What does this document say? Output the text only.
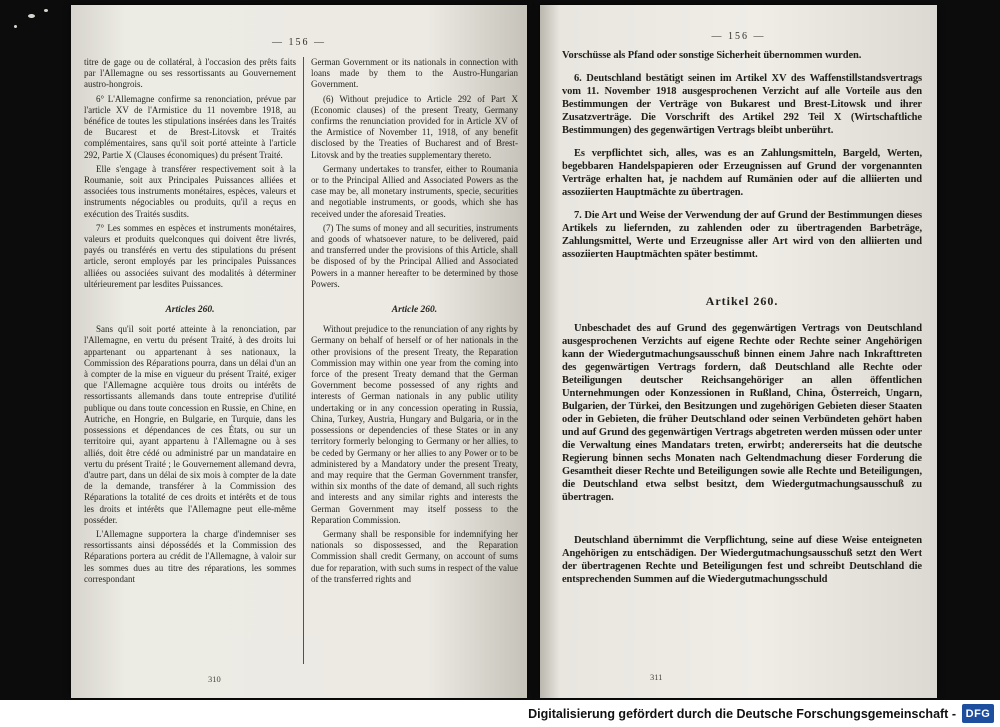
— 156 —

titre de gage ou de collatéral, à l'occasion des prêts faits par l'Allemagne ou ses ressortissants au Gouvernement austro-hongrois.

6° L'Allemagne confirme sa renonciation, prévue par l'article XV de l'Armistice du 11 novembre 1918, au bénéfice de toutes les stipulations insérées dans les Traités de Bucarest et de Brest-Litovsk et Traités complémentaires, sans qu'il soit porté atteinte à l'article 292, Partie X (Clauses économiques) du présent Traité.

Elle s'engage à transférer respectivement soit à la Roumanie, soit aux Principales Puissances alliées et associées tous instruments monétaires, espèces, valeurs et instruments négociables ou produits, qu'il a reçus en exécution des Traités susdits.

7° Les sommes en espèces et instruments monétaires, valeurs et produits quelconques qui doivent être livrés, payés ou transférés en vertu des stipulations du présent article, seront employés par les principales Puissances alliées ou associées suivant des modalités à déterminer ultérieurement par lesdites Puissances.

Articles 260.

Sans qu'il soit porté atteinte à la renonciation, par l'Allemagne, en vertu du présent Traité, à des droits lui appartenant ou appartenant à ses nationaux, la Commission des Réparations pourra, dans un délai d'un an à compter de la mise en vigueur du présent Traité, exiger que l'Allemagne acquière tous droits ou intérêts de ressortissants allemands dans toute entreprise d'utilité publique ou dans toute concession en Russie, en Chine, en Autriche, en Hongrie, en Bulgarie, en Turquie, dans les possessions et dépendances de ces États, ou sur un territoire qui, ayant appartenu à l'Allemagne ou à ses alliés, doit être cédé ou administré par un mandataire en vertu du présent Traité ; le Gouvernement allemand devra, d'autre part, dans un délai de six mois à compter de la date de la demande, transférer à la Commission des Réparations la totalité de ces droits et intérêts et de tous les droits et intérêts que l'Allemagne peut elle-même posséder.

L'Allemagne supportera la charge d'indemniser ses ressortissants ainsi dépossédés et la Commission des Réparations portera au crédit de l'Allemagne, à valoir sur les sommes dues au titre des réparations, les sommes correspondant

German Government or its nationals in connection with loans made by them to the Austro-Hungarian Government.

(6) Without prejudice to Article 292 of Part X (Economic clauses) of the present Treaty, Germany confirms the renunciation provided for in Article XV of the Armistice of November 11, 1918, of any benefit disclosed by the Treaties of Bucharest and of Brest-Litovsk and by the treaties supplementary thereto.

Germany undertakes to transfer, either to Roumania or to the Principal Allied and Associated Powers as the case may be, all monetary instruments, specie, securities and negotiable instruments, or goods, which she has received under the aforesaid Treaties.

(7) The sums of money and all securities, instruments and goods of whatsoever nature, to be delivered, paid and transferred under the provisions of this Article, shall be disposed of by the Principal Allied and Associated Powers in a manner hereafter to be determined by those Powers.

Article 260.

Without prejudice to the renunciation of any rights by Germany on behalf of herself or of her nationals in the other provisions of the present Treaty, the Reparation Commission may within one year from the coming into force of the present Treaty demand that the German Government become possessed of any rights and interests of German nationals in any public utility undertaking or in any concession operating in Russia, China, Turkey, Austria, Hungary and Bulgaria, or in the possessions or dependencies of these States or in any territory formerly belonging to Germany or her allies, to be ceded by Germany or her allies to any Power or to be administered by a Mandatory under the present Treaty, and may require that the German Government transfer, within six months of the date of demand, all such rights and interests and any similar rights and interests the German Government may itself possess to the Reparation Commission.

Germany shall be responsible for indemnifying her nationals so dispossessed, and the Reparation Commission shall credit Germany, on account of sums due for reparation, with such sums in respect of the value of the transferred rights and

310
— 156 —

Vorschüsse als Pfand oder sonstige Sicherheit übernommen wurden.

6. Deutschland bestätigt seinen im Artikel XV des Waffenstillstandsvertrags vom 11. November 1918 ausgesprochenen Verzicht auf alle Vorteile aus den Bestimmungen der Verträge von Bukarest und Brest-Litowsk und ihrer Zusatzverträge. Die Vorschrift des Artikel 292 Teil X (Wirtschaftliche Bestimmungen) des gegenwärtigen Vertrags bleibt unberührt.

Es verpflichtet sich, alles, was es an Zahlungsmitteln, Bargeld, Werten, begebbaren Handelspapieren oder Erzeugnissen auf Grund der vorgenannten Verträge erhalten hat, je nachdem auf Rumänien oder auf die alliierten und assoziierten Hauptmächte zu übertragen.

7. Die Art und Weise der Verwendung der auf Grund der Bestimmungen dieses Artikels zu liefernden, zu zahlenden oder zu übertragenden Barbeträge, Zahlungsmittel, Werte und Erzeugnisse aller Art wird von den alliierten und assoziierten Hauptmächten später bestimmt.

Artikel 260.

Unbeschadet des auf Grund des gegenwärtigen Vertrags von Deutschland ausgesprochenen Verzichts auf eigene Rechte oder Rechte seiner Angehörigen kann der Wiedergutmachungsausschuß binnen einem Jahre nach Inkrafttreten des gegenwärtigen Vertrags fordern, daß Deutschland alle Rechte oder Beteiligungen deutscher Reichsangehöriger an allen öffentlichen Unternehmungen oder Konzessionen in Rußland, China, Österreich, Ungarn, Bulgarien, der Türkei, den Besitzungen und zugehörigen Gebieten dieser Staaten oder in Gebieten, die früher Deutschland oder seinen Verbündeten gehört haben und auf Grund des gegenwärtigen Vertrags abgetreten werden müssen oder unter die Verwaltung eines Mandatars treten, erwirbt; andererseits hat die deutsche Regierung binnen sechs Monaten nach Geltendmachung dieser Forderung die Gesamtheit dieser Rechte und Beteiligungen sowie alle Rechte und Beteiligungen, die Deutschland etwa selbst besitzt, dem Wiedergutmachungsausschuß zu übertragen.

Deutschland übernimmt die Verpflichtung, seine auf diese Weise enteigneten Angehörigen zu entschädigen. Der Wiedergutmachungsausschuß setzt den Wert der übertragenen Rechte und Beteiligungen fest und schreibt Deutschland die entsprechenden Summen auf die Wiedergutmachungsschuld

311
Digitalisierung gefördert durch die Deutsche Forschungsgemeinschaft - DFG
